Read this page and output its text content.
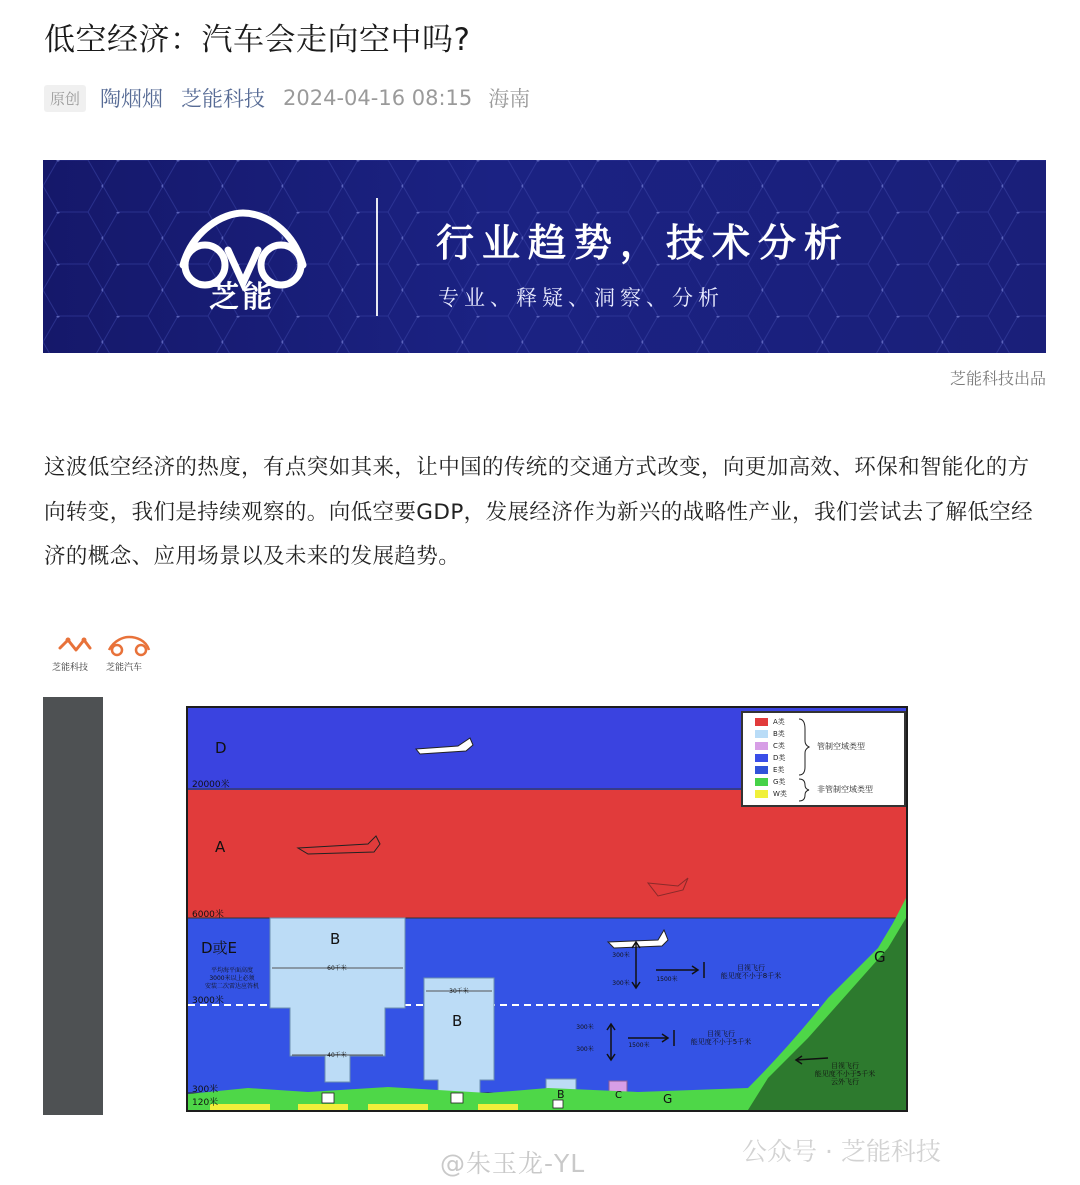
低空经济：汽车会走向空中吗?
原创 陶烟烟 芝能科技 2024-04-16 08:15 海南
芝能
行业趋势，技术分析
专业、释疑、洞察、分析
芝能科技出品
这波低空经济的热度，有点突如其来，让中国的传统的交通方式改变，向更加高效、环保和智能化的方向转变，我们是持续观察的。向低空要GDP，发展经济作为新兴的战略性产业，我们尝试去了解低空经济的概念、应用场景以及未来的发展趋势。
芝能科技 芝能汽车
D
A
D或E	B
B
G
G
B	C
20000米
6000米
3000米
300米
120米
平均海平面高度
3000米以上必须
安装二次雷达应答机
60千米
40千米
30千米
300米
300米
1500米
目视飞行
能见度不小于8千米
300米
300米
1500米
目视飞行
能见度不小于5千米
目视飞行
能见度不小于5千米
云外飞行
A类
B类
C类
D类
E类
G类
W类
管制空域类型
非管制空域类型
@朱玉龙-YL	公众号 · 芝能科技
